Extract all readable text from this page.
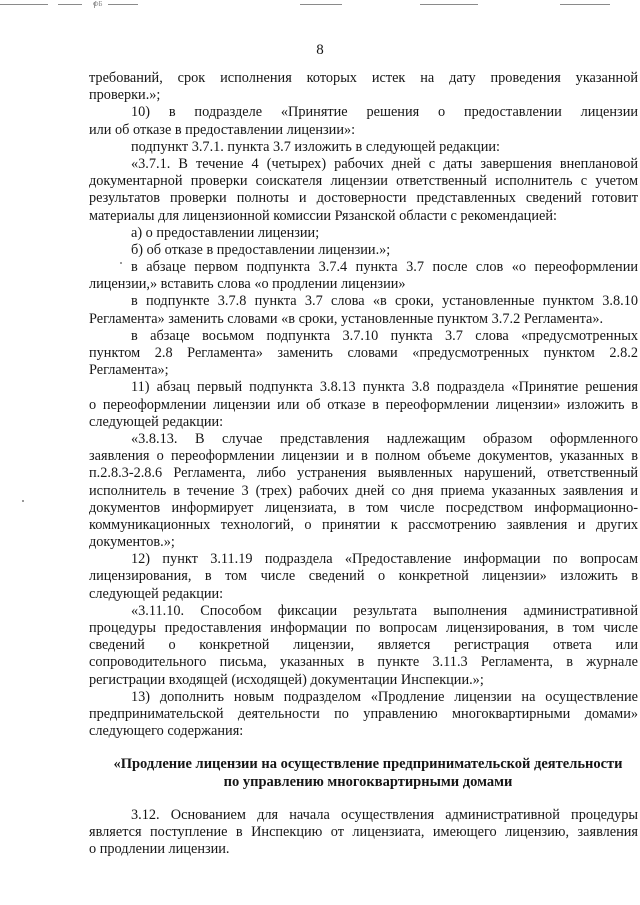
ФБ
8
требований, срок исполнения которых истек на дату проведения указанной
проверки.»;
10) в подразделе «Принятие решения о предоставлении лицензии
или об отказе в предоставлении лицензии»:
подпункт 3.7.1. пункта 3.7 изложить в следующей редакции:
«3.7.1. В течение 4 (четырех) рабочих дней с даты завершения внеплановой
документарной проверки соискателя лицензии ответственный исполнитель с учетом
результатов проверки полноты и достоверности представленных сведений готовит
материалы для лицензионной комиссии Рязанской области с рекомендацией:
а) о предоставлении лицензии;
б) об отказе в предоставлении лицензии.»;
в абзаце первом подпункта 3.7.4 пункта 3.7 после слов «о переоформлении
лицензии,» вставить слова «о продлении лицензии»
в подпункте 3.7.8 пункта 3.7 слова «в сроки, установленные пунктом 3.8.10
Регламента» заменить словами «в сроки, установленные пунктом 3.7.2 Регламента».
в абзаце восьмом подпункта 3.7.10 пункта 3.7 слова «предусмотренных
пунктом 2.8 Регламента» заменить словами «предусмотренных пунктом 2.8.2
Регламента»;
11) абзац первый подпункта 3.8.13 пункта 3.8 подраздела «Принятие решения
о переоформлении лицензии или об отказе в переоформлении лицензии» изложить в
следующей редакции:
«3.8.13. В случае представления надлежащим образом оформленного
заявления о переоформлении лицензии и в полном объеме документов, указанных в
п.2.8.3-2.8.6 Регламента, либо устранения выявленных нарушений, ответственный
исполнитель в течение 3 (трех) рабочих дней со дня приема указанных заявления и
документов информирует лицензиата, в том числе посредством информационно-
коммуникационных технологий, о принятии к рассмотрению заявления и других
документов.»;
12) пункт 3.11.19 подраздела «Предоставление информации по вопросам
лицензирования, в том числе сведений о конкретной лицензии» изложить в
следующей редакции:
«3.11.10. Способом фиксации результата выполнения административной
процедуры предоставления информации по вопросам лицензирования, в том числе
сведений о конкретной лицензии, является регистрация ответа или
сопроводительного письма, указанных в пункте 3.11.3 Регламента, в журнале
регистрации входящей (исходящей) документации Инспекции.»;
13) дополнить новым подразделом «Продление лицензии на осуществление
предпринимательской деятельности по управлению многоквартирными домами»
следующего содержания:
«Продление лицензии на осуществление предпринимательской деятельности
по управлению многоквартирными домами
3.12. Основанием для начала осуществления административной процедуры
является поступление в Инспекцию от лицензиата, имеющего лицензию, заявления
о продлении лицензии.
